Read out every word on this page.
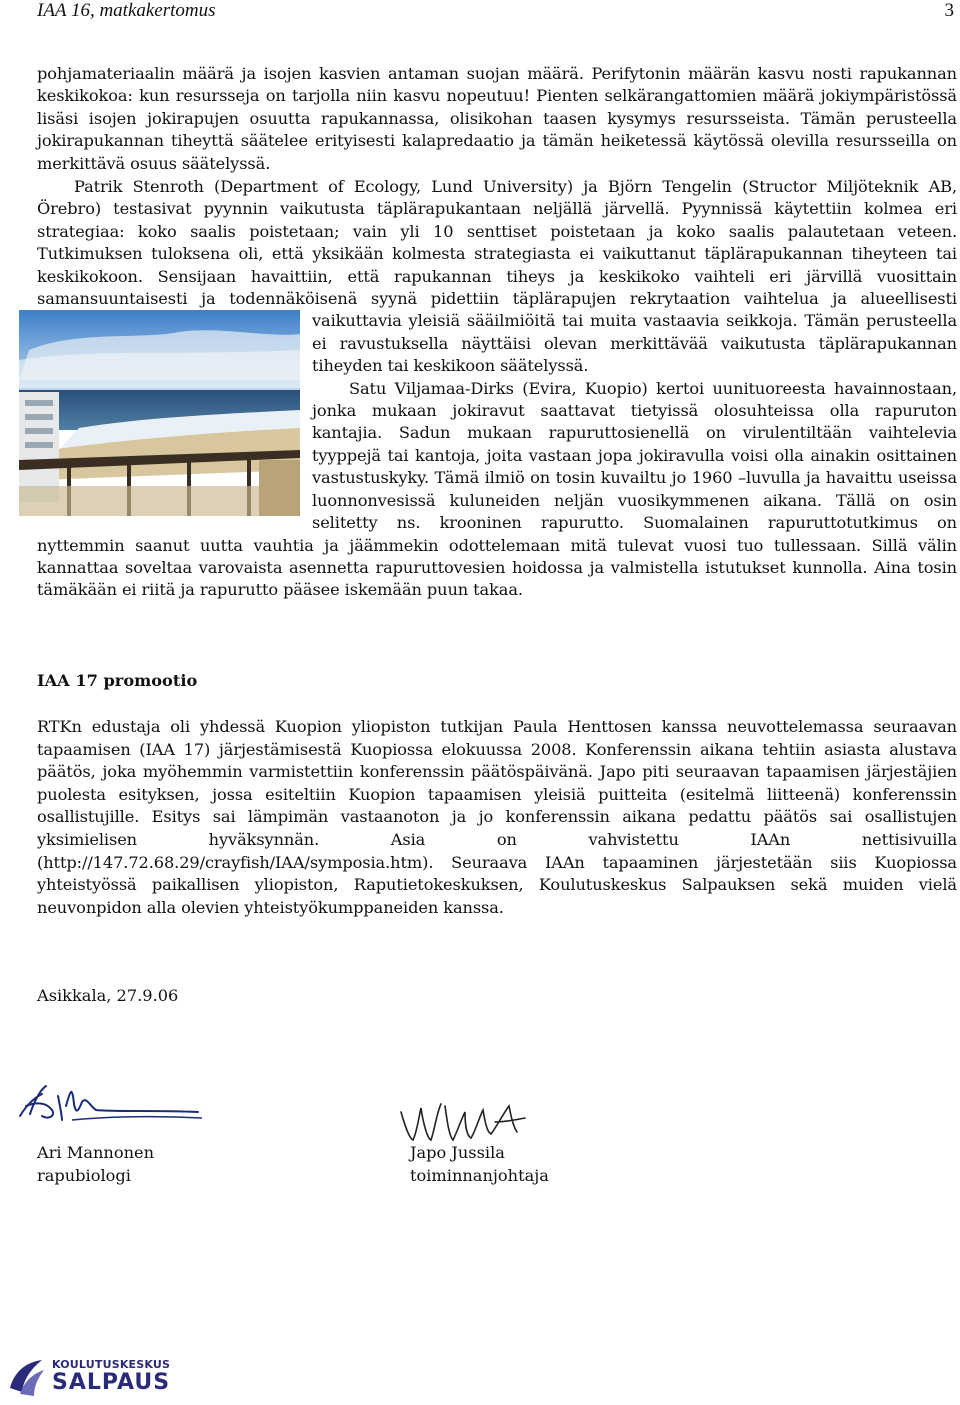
IAA 16, matkakertomus	3

pohjamateriaalin määrä ja isojen kasvien antaman suojan määrä. Perifytonin määrän kasvu nosti rapukannan keskikokoa: kun resursseja on tarjolla niin kasvu nopeutuu! Pienten selkärangattomien määrä jokiympäristössä lisäsi isojen jokirapujen osuutta rapukannassa, olisikohan taasen kysymys resursseista. Tämän perusteella jokirapukannan tiheyttä säätelee erityisesti kalapredaatio ja tämän heiketessä käytössä olevilla resursseilla on merkittävä osuus säätelyssä.

Patrik Stenroth (Department of Ecology, Lund University) ja Björn Tengelin (Structor Miljöteknik AB, Örebro) testasivat pyynnin vaikutusta täplärapukantaan neljällä järvellä. Pyynnissä käytettiin kolmea eri strategiaa: koko saalis poistetaan; vain yli 10 senttiset poistetaan ja koko saalis palautetaan veteen. Tutkimuksen tuloksena oli, että yksikään kolmesta strategiasta ei vaikuttanut täplärapukannan tiheyteen tai keskikokoon. Sensijaan havaittiin, että rapukannan tiheys ja keskikoko vaihteli eri järvillä vuosittain samansuuntaisesti ja todennäköisenä syynä pidettiin täplärapujen rekrytaation vaihtelua ja alueellisesti vaikuttavia yleisiä sääilmiöitä tai muita vastaavia
seikkoja. Tämän perusteella ei ravustuksella näyttäisi olevan merkittävää vaikutusta täplärapukannan tiheyden tai keskikoon säätelyssä.

Satu Viljamaa-Dirks (Evira, Kuopio) kertoi uunituoreesta havainnostaan, jonka mukaan jokiravut saattavat tietyissä olosuhteissa olla rapuruton kantajia. Sadun mukaan rapuruttosienellä on virulentiltään vaihtelevia tyyppejä tai kantoja, joita vastaan jopa jokiravulla voisi olla ainakin osittainen vastustuskyky. Tämä ilmiö on tosin kuvailtu jo 1960 –luvulla ja havaittu useissa luonnonvesissä kuluneiden neljän vuosikymmenen aikana. Tällä on osin selitetty ns. krooninen rapurutto. Suomalainen rapuruttotutkimus on nyttemmin saanut uutta vauhtia ja jäämmekin odottelemaan mitä tulevat vuosi tuo tullessaan. Sillä välin kannattaa soveltaa varovaista asennetta rapuruttovesien hoidossa ja valmistella istutukset kunnolla. Aina tosin tämäkään ei riitä ja rapurutto pääsee iskemään puun takaa.

IAA 17 promootio

RTKn edustaja oli yhdessä Kuopion yliopiston tutkijan Paula Henttosen kanssa neuvottelemassa seuraavan tapaamisen (IAA 17) järjestämisestä Kuopiossa elokuussa 2008. Konferenssin aikana tehtiin asiasta alustava päätös, joka myöhemmin varmistettiin konferenssin päätöspäivänä. Japo piti seuraavan tapaamisen järjestäjien puolesta esityksen, jossa esiteltiin Kuopion tapaamisen yleisiä puitteita (esitelmä liitteenä) konferenssin osallistujille. Esitys sai lämpimän vastaanoton ja jo konferenssin aikana pedattu päätös sai osallistujen yksimielisen hyväksynnän. Asia on vahvistettu IAAn nettisivuilla (http://147.72.68.29/crayfish/IAA/symposia.htm). Seuraava IAAn tapaaminen järjestetään siis Kuopiossa yhteistyössä paikallisen yliopiston, Raputietokeskuksen, Koulutuskeskus Salpauksen sekä muiden vielä neuvonpidon alla olevien yhteistyökumppaneiden kanssa.

Asikkala, 27.9.06
Ari Mannonen
rapubiologi
Japo Jussila
toiminnanjohtaja
KOULUTUSKESKUS
SALPAUS
